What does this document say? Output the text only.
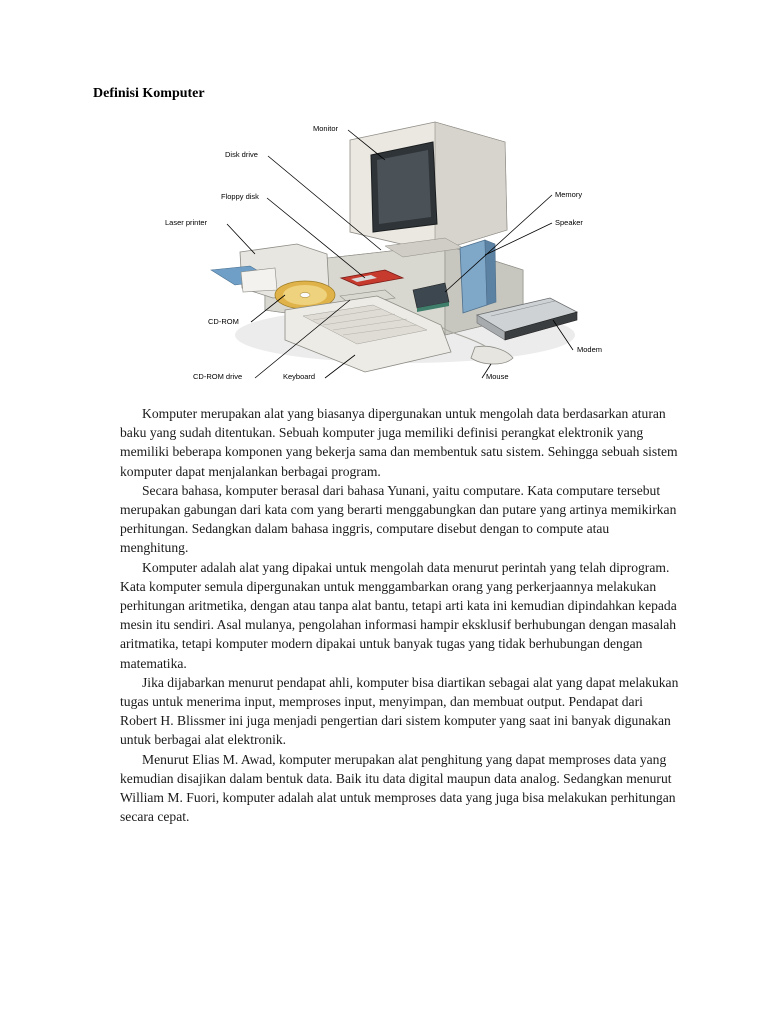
Definisi Komputer
Monitor
Disk drive
Floppy disk
Laser printer
CD-ROM
CD-ROM drive	Keyboard
Memory
Speaker
Modem
Mouse

Komputer merupakan alat yang biasanya dipergunakan untuk mengolah data berdasarkan aturan baku yang sudah ditentukan. Sebuah komputer juga memiliki definisi perangkat elektronik yang memiliki beberapa komponen yang bekerja sama dan membentuk satu sistem. Sehingga sebuah sistem komputer dapat menjalankan berbagai program.

Secara bahasa, komputer berasal dari bahasa Yunani, yaitu computare. Kata computare tersebut merupakan gabungan dari kata com yang berarti menggabungkan dan putare yang artinya memikirkan perhitungan. Sedangkan dalam bahasa inggris, computare disebut dengan to compute atau menghitung.

Komputer adalah alat yang dipakai untuk mengolah data menurut perintah yang telah diprogram. Kata komputer semula dipergunakan untuk menggambarkan orang yang perkerjaannya melakukan perhitungan aritmetika, dengan atau tanpa alat bantu, tetapi arti kata ini kemudian dipindahkan kepada mesin itu sendiri. Asal mulanya, pengolahan informasi hampir eksklusif berhubungan dengan masalah aritmatika, tetapi komputer modern dipakai untuk banyak tugas yang tidak berhubungan dengan matematika.

Jika dijabarkan menurut pendapat ahli, komputer bisa diartikan sebagai alat yang dapat melakukan tugas untuk menerima input, memproses input, menyimpan, dan membuat output. Pendapat dari Robert H. Blissmer ini juga menjadi pengertian dari sistem komputer yang saat ini banyak digunakan untuk berbagai alat elektronik.

Menurut Elias M. Awad, komputer merupakan alat penghitung yang dapat memproses data yang kemudian disajikan dalam bentuk data. Baik itu data digital maupun data analog. Sedangkan menurut William M. Fuori, komputer adalah alat untuk memproses data yang juga bisa melakukan perhitungan secara cepat.
